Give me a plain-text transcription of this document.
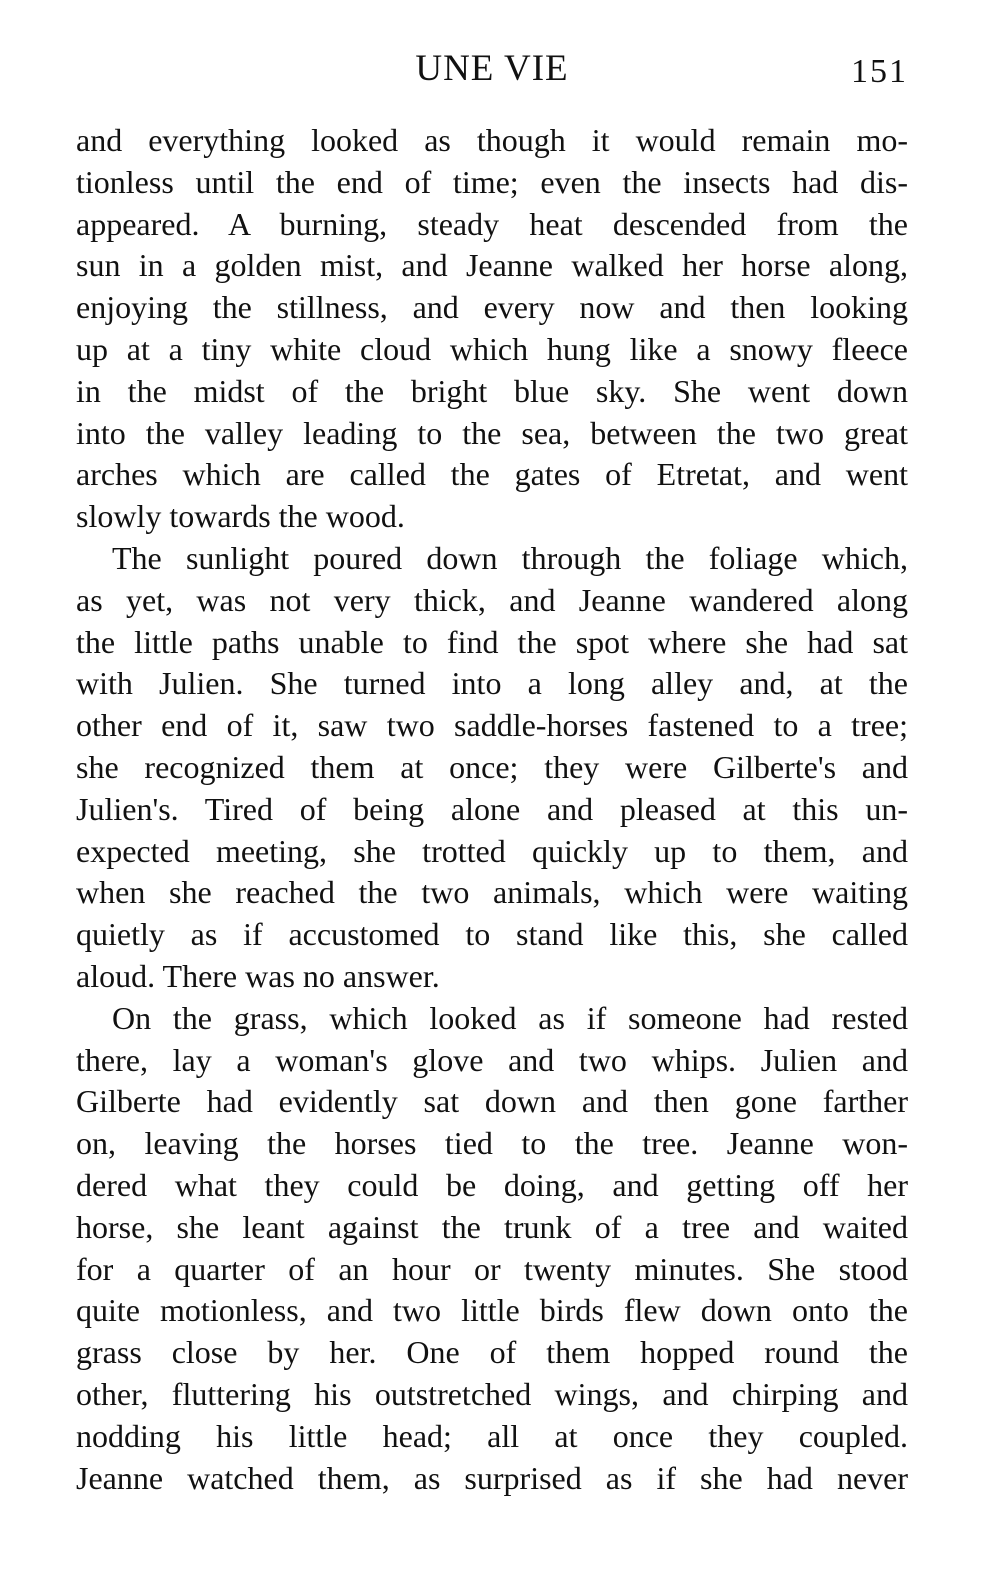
UNE VIE	151
and everything looked as though it would remain mo-
tionless until the end of time; even the insects had dis-
appeared. A burning, steady heat descended from the
sun in a golden mist, and Jeanne walked her horse along,
enjoying the stillness, and every now and then looking
up at a tiny white cloud which hung like a snowy fleece
in the midst of the bright blue sky. She went down
into the valley leading to the sea, between the two great
arches which are called the gates of Etretat, and went
slowly towards the wood.
The sunlight poured down through the foliage which,
as yet, was not very thick, and Jeanne wandered along
the little paths unable to find the spot where she had sat
with Julien. She turned into a long alley and, at the
other end of it, saw two saddle-horses fastened to a tree;
she recognized them at once; they were Gilberte's and
Julien's. Tired of being alone and pleased at this un-
expected meeting, she trotted quickly up to them, and
when she reached the two animals, which were waiting
quietly as if accustomed to stand like this, she called
aloud. There was no answer.
On the grass, which looked as if someone had rested
there, lay a woman's glove and two whips. Julien and
Gilberte had evidently sat down and then gone farther
on, leaving the horses tied to the tree. Jeanne won-
dered what they could be doing, and getting off her
horse, she leant against the trunk of a tree and waited
for a quarter of an hour or twenty minutes. She stood
quite motionless, and two little birds flew down onto the
grass close by her. One of them hopped round the
other, fluttering his outstretched wings, and chirping and
nodding his little head; all at once they coupled.
Jeanne watched them, as surprised as if she had never
